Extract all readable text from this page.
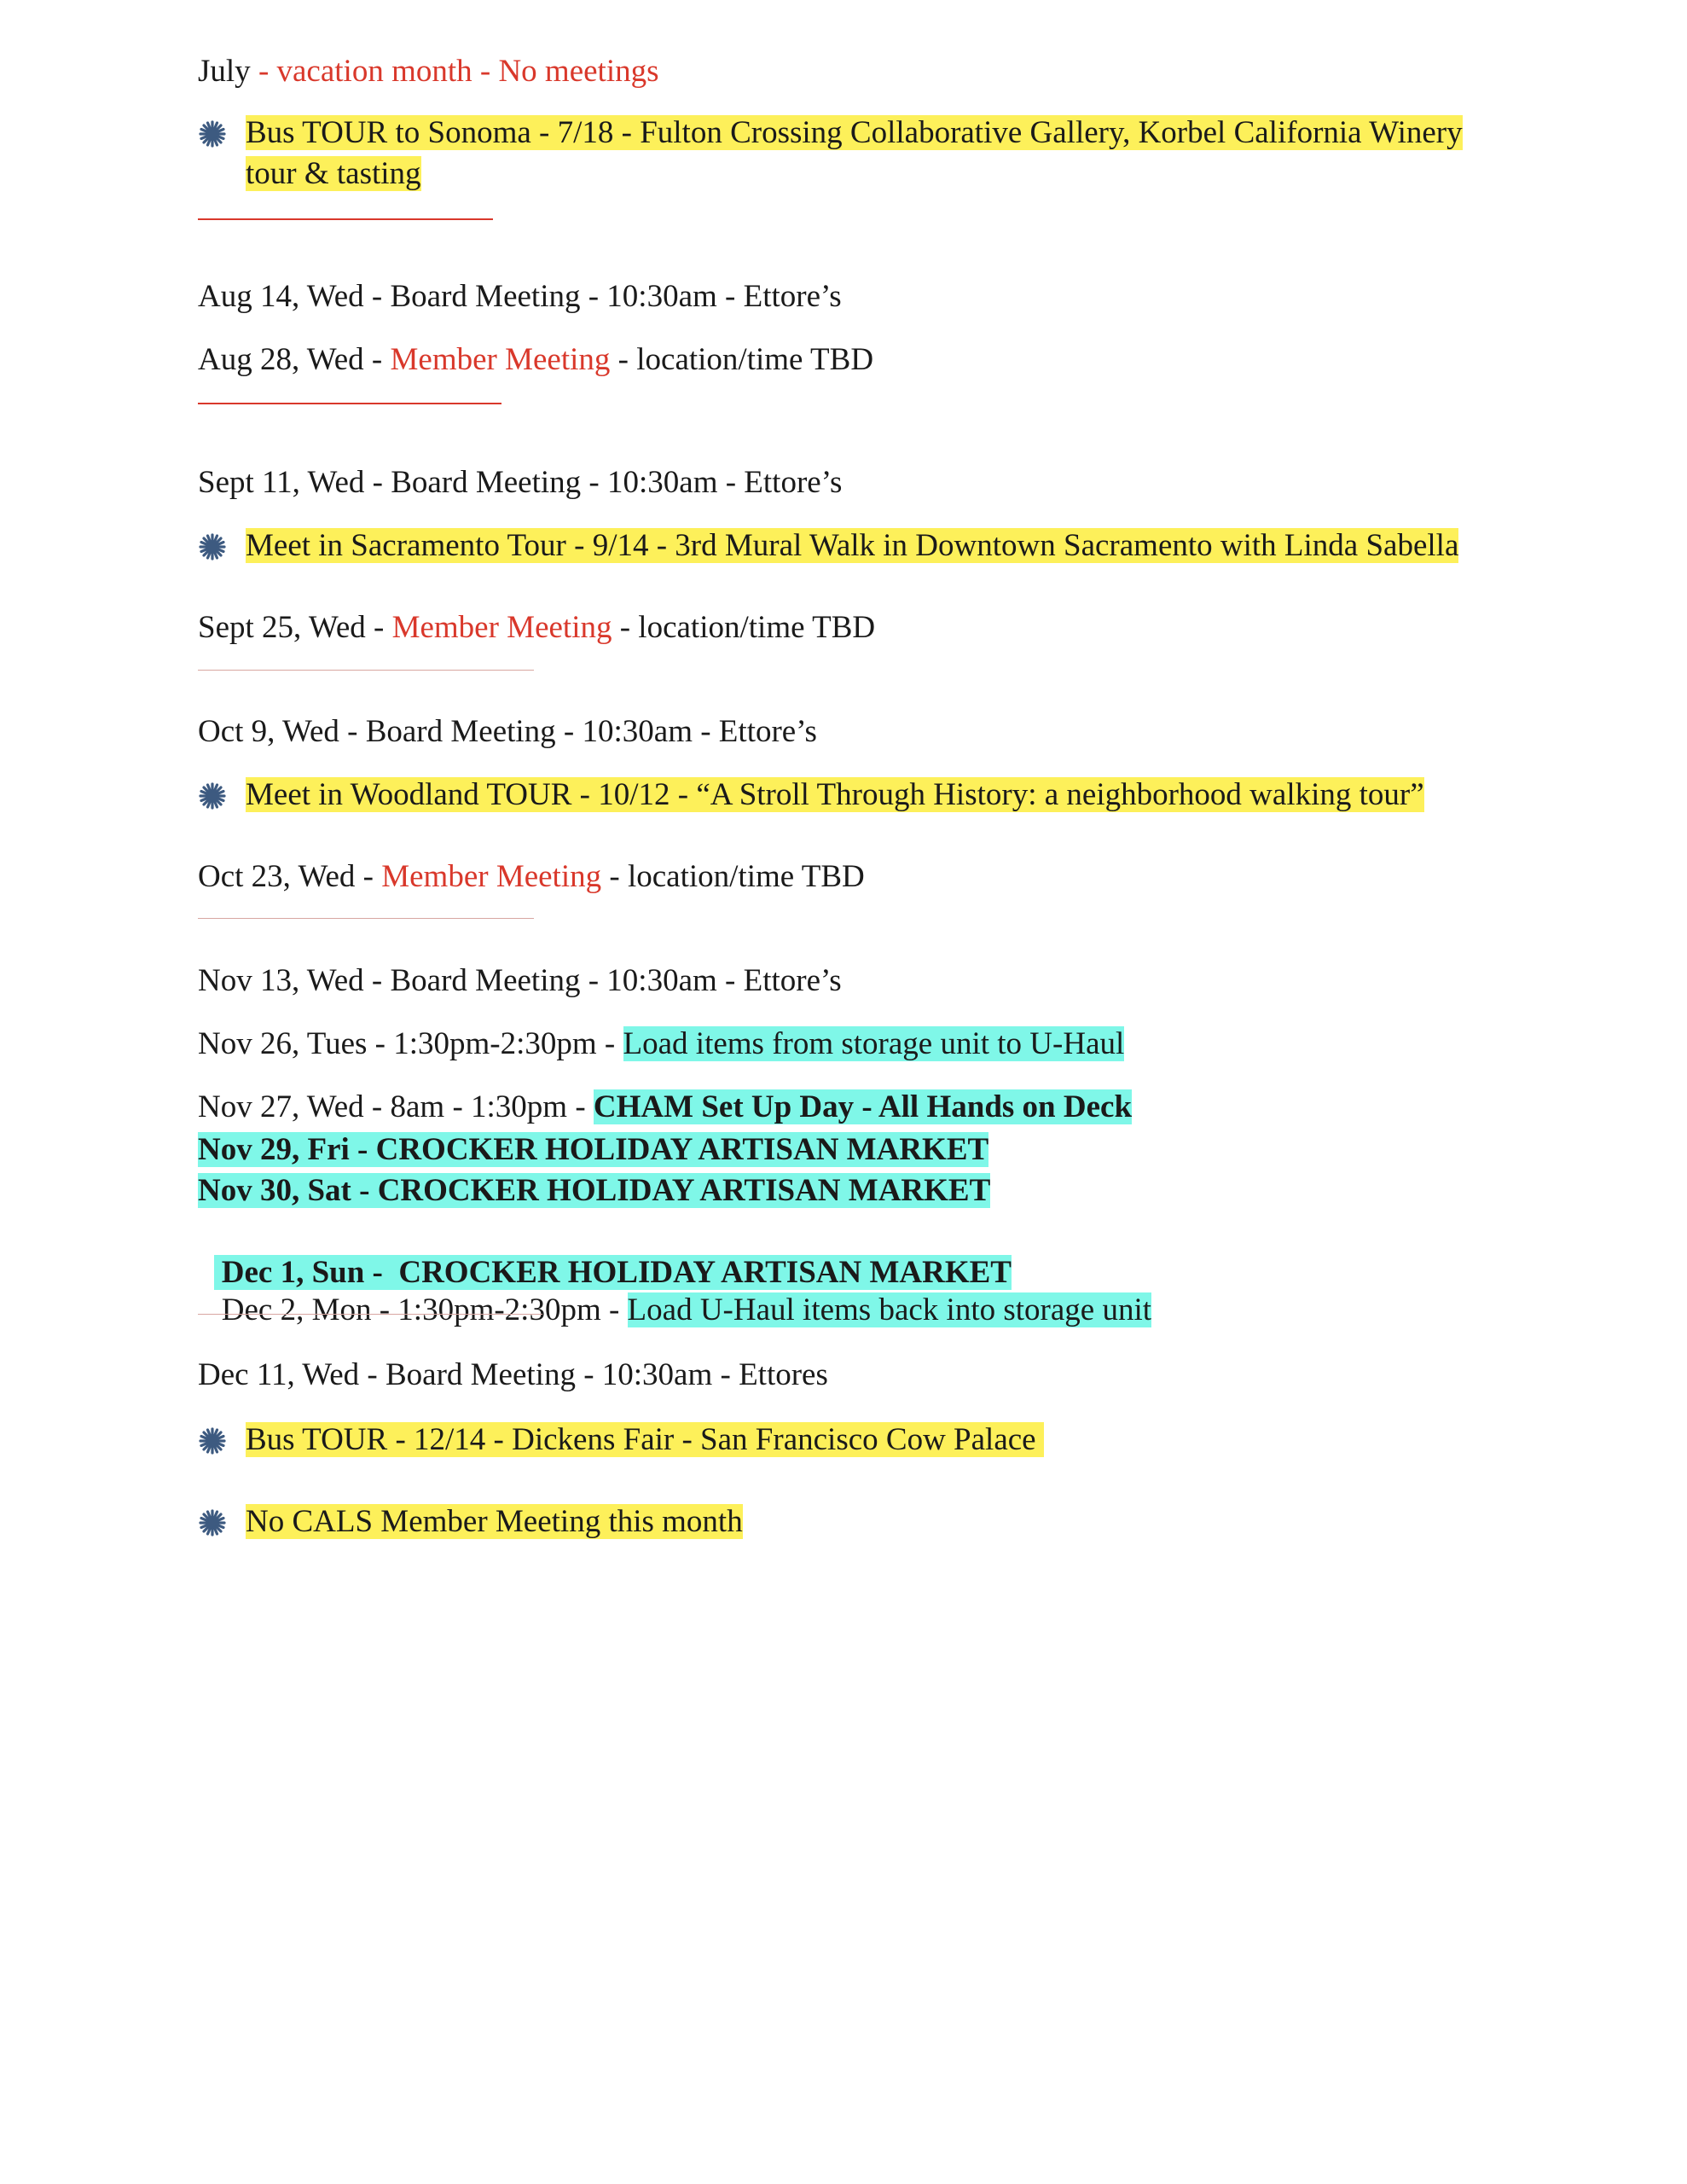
July - vacation month - No meetings
Bus TOUR to Sonoma - 7/18 - Fulton Crossing Collaborative Gallery, Korbel California Winery
tour & tasting
Aug 14, Wed - Board Meeting - 10:30am - Ettore’s
Aug 28, Wed - Member Meeting - location/time TBD
Sept 11, Wed - Board Meeting - 10:30am - Ettore’s
Meet in Sacramento Tour - 9/14 - 3rd Mural Walk in Downtown Sacramento with Linda Sabella
Sept 25, Wed - Member Meeting - location/time TBD
Oct 9, Wed - Board Meeting - 10:30am - Ettore’s
Meet in Woodland TOUR - 10/12 - “A Stroll Through History: a neighborhood walking tour”
Oct 23, Wed - Member Meeting - location/time TBD
Nov 13, Wed - Board Meeting - 10:30am - Ettore’s
Nov 26, Tues - 1:30pm-2:30pm - Load items from storage unit to U-Haul
Nov 27, Wed - 8am - 1:30pm - CHAM Set Up Day - All Hands on Deck
Nov 29, Fri - CROCKER HOLIDAY ARTISAN MARKET
Nov 30, Sat - CROCKER HOLIDAY ARTISAN MARKET

Dec 1, Sun -  CROCKER HOLIDAY ARTISAN MARKET

Dec 2, Mon - 1:30pm-2:30pm - Load U-Haul items back into storage unit

Dec 11, Wed - Board Meeting - 10:30am - Ettores
Bus TOUR - 12/14 - Dickens Fair - San Francisco Cow Palace
No CALS Member Meeting this month
